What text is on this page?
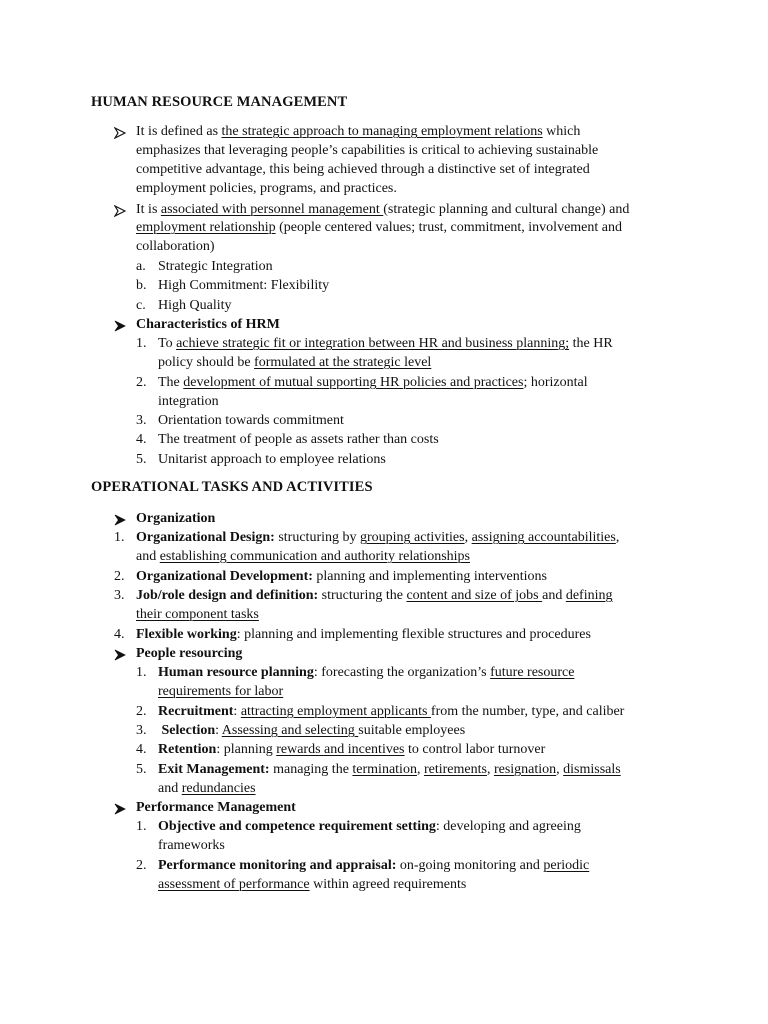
HUMAN RESOURCE MANAGEMENT
It is defined as the strategic approach to managing employment relations which
emphasizes that leveraging people’s capabilities is critical to achieving sustainable
competitive advantage, this being achieved through a distinctive set of integrated
employment policies, programs, and practices.
It is associated with personnel management (strategic planning and cultural change) and
employment relationship (people centered values; trust, commitment, involvement and
collaboration)
a. Strategic Integration
b. High Commitment: Flexibility
c. High Quality
Characteristics of HRM
1. To achieve strategic fit or integration between HR and business planning; the HR
policy should be formulated at the strategic level
2. The development of mutual supporting HR policies and practices; horizontal
integration
3. Orientation towards commitment
4. The treatment of people as assets rather than costs
5. Unitarist approach to employee relations
OPERATIONAL TASKS AND ACTIVITIES
Organization
1. Organizational Design: structuring by grouping activities, assigning accountabilities,
and establishing communication and authority relationships
2. Organizational Development: planning and implementing interventions
3. Job/role design and definition: structuring the content and size of jobs and defining
their component tasks
4. Flexible working: planning and implementing flexible structures and procedures
People resourcing
1. Human resource planning: forecasting the organization’s future resource
requirements for labor
2. Recruitment: attracting employment applicants from the number, type, and caliber
3. Selection: Assessing and selecting suitable employees
4. Retention: planning rewards and incentives to control labor turnover
5. Exit Management: managing the termination, retirements, resignation, dismissals
and redundancies
Performance Management
1. Objective and competence requirement setting: developing and agreeing
frameworks
2. Performance monitoring and appraisal: on-going monitoring and periodic
assessment of performance within agreed requirements
